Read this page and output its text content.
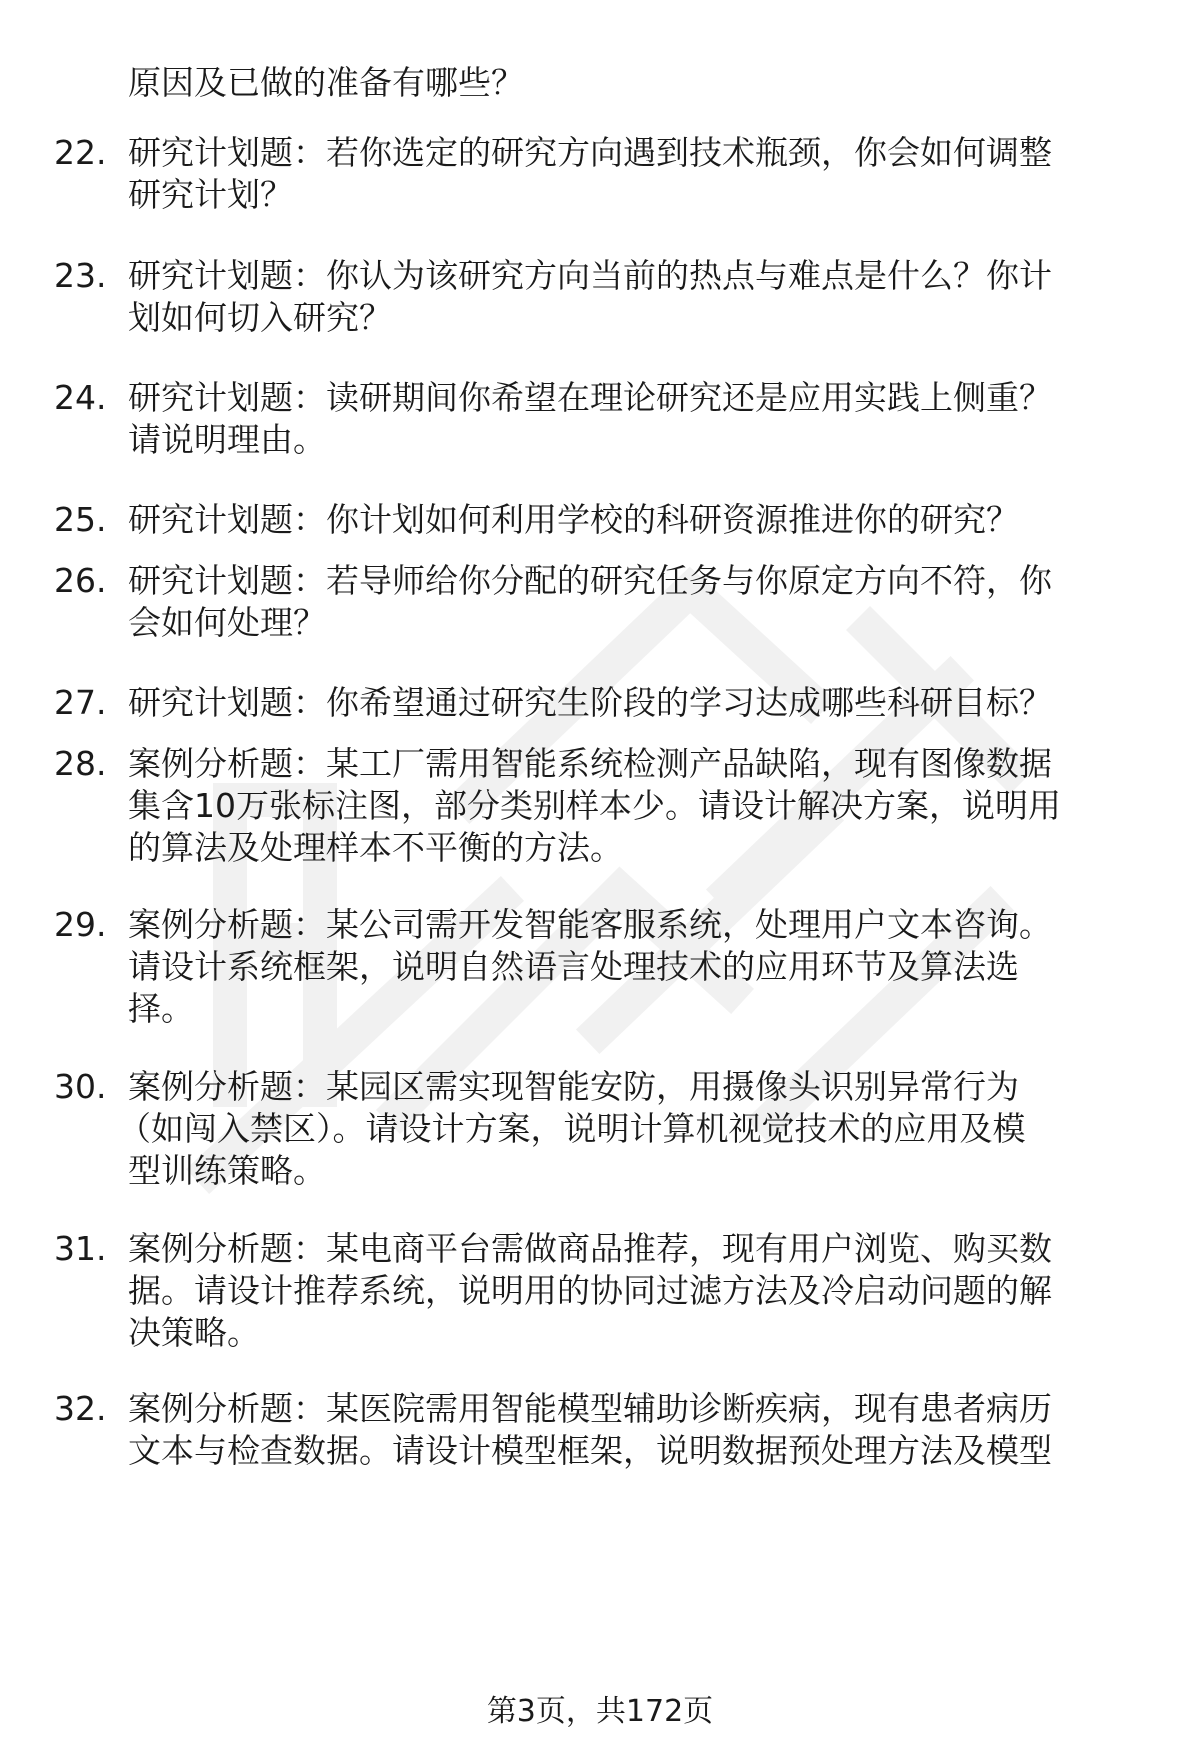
原因及已做的准备有哪些？
22. 研究计划题：若你选定的研究方向遇到技术瓶颈，你会如何调整
研究计划？
23. 研究计划题：你认为该研究方向当前的热点与难点是什么？你计
划如何切入研究？
24. 研究计划题：读研期间你希望在理论研究还是应用实践上侧重？
请说明理由。
25. 研究计划题：你计划如何利用学校的科研资源推进你的研究？
26. 研究计划题：若导师给你分配的研究任务与你原定方向不符，你
会如何处理？
27. 研究计划题：你希望通过研究生阶段的学习达成哪些科研目标？
28. 案例分析题：某工厂需用智能系统检测产品缺陷，现有图像数据
集含10万张标注图，部分类别样本少。请设计解决方案，说明用
的算法及处理样本不平衡的方法。
29. 案例分析题：某公司需开发智能客服系统，处理用户文本咨询。
请设计系统框架，说明自然语言处理技术的应用环节及算法选
择。
30. 案例分析题：某园区需实现智能安防，用摄像头识别异常行为
（如闯入禁区）。请设计方案，说明计算机视觉技术的应用及模
型训练策略。
31. 案例分析题：某电商平台需做商品推荐，现有用户浏览、购买数
据。请设计推荐系统，说明用的协同过滤方法及冷启动问题的解
决策略。
32. 案例分析题：某医院需用智能模型辅助诊断疾病，现有患者病历
文本与检查数据。请设计模型框架，说明数据预处理方法及模型
第3页，共172页
